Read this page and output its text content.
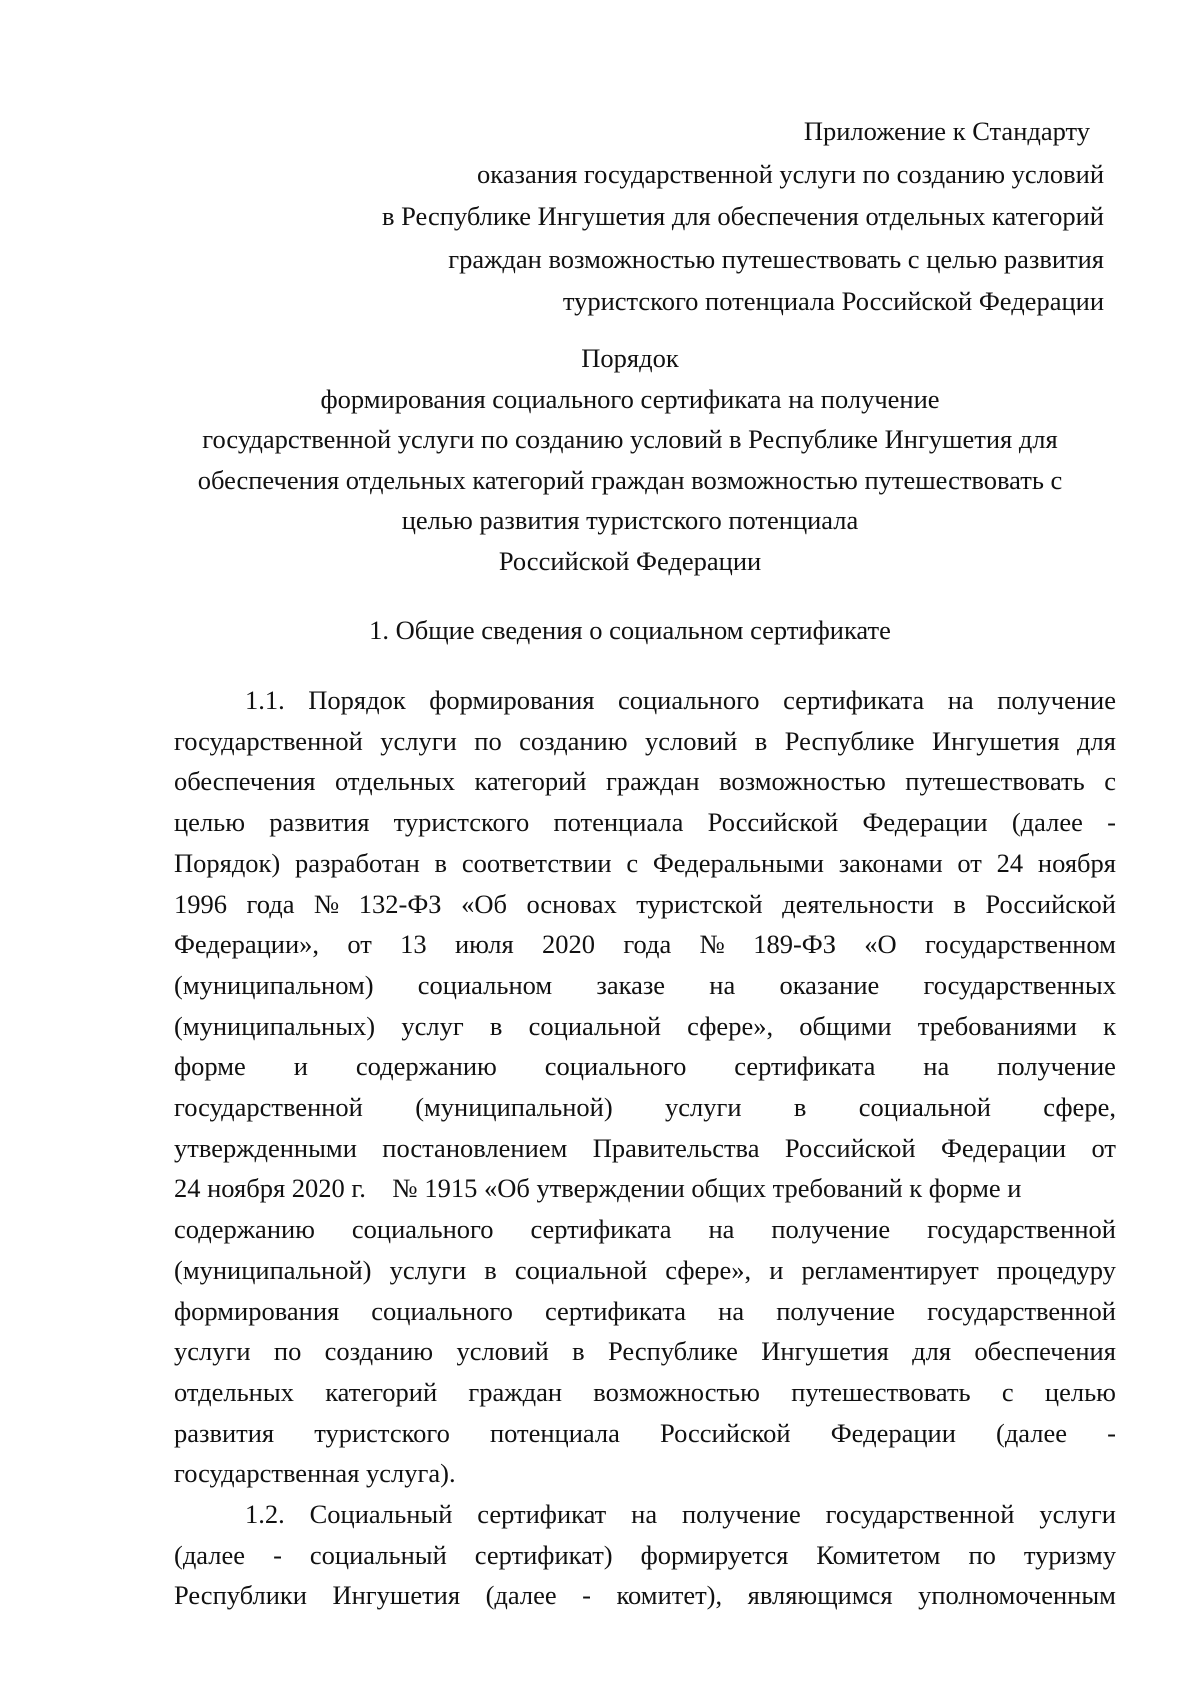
Приложение к Стандарту
оказания государственной услуги по созданию условий
в Республике Ингушетия для обеспечения отдельных категорий
граждан возможностью путешествовать с целью развития
туристского потенциала Российской Федерации
Порядок
формирования социального сертификата на получение
государственной услуги по созданию условий в Республике Ингушетия для
обеспечения отдельных категорий граждан возможностью путешествовать с
целью развития туристского потенциала
Российской Федерации
1. Общие сведения о социальном сертификате
1.1. Порядок формирования социального сертификата на получение
государственной услуги по созданию условий в Республике Ингушетия для
обеспечения отдельных категорий граждан возможностью путешествовать с
целью развития туристского потенциала Российской Федерации (далее -
Порядок) разработан в соответствии с Федеральными законами от 24 ноября
1996 года № 132-ФЗ «Об основах туристской деятельности в Российской
Федерации», от 13 июля 2020 года № 189-ФЗ «О государственном
(муниципальном) социальном заказе на оказание государственных
(муниципальных) услуг в социальной сфере», общими требованиями к
форме и содержанию социального сертификата на получение
государственной (муниципальной) услуги в социальной сфере,
утвержденными постановлением Правительства Российской Федерации от
24 ноября 2020 г.    № 1915 «Об утверждении общих требований к форме и
содержанию социального сертификата на получение государственной
(муниципальной) услуги в социальной сфере», и регламентирует процедуру
формирования социального сертификата на получение государственной
услуги по созданию условий в Республике Ингушетия для обеспечения
отдельных категорий граждан возможностью путешествовать с целью
развития туристского потенциала Российской Федерации (далее -
государственная услуга).
1.2. Социальный сертификат на получение государственной услуги
(далее - социальный сертификат) формируется Комитетом по туризму
Республики Ингушетия (далее - комитет), являющимся уполномоченным
